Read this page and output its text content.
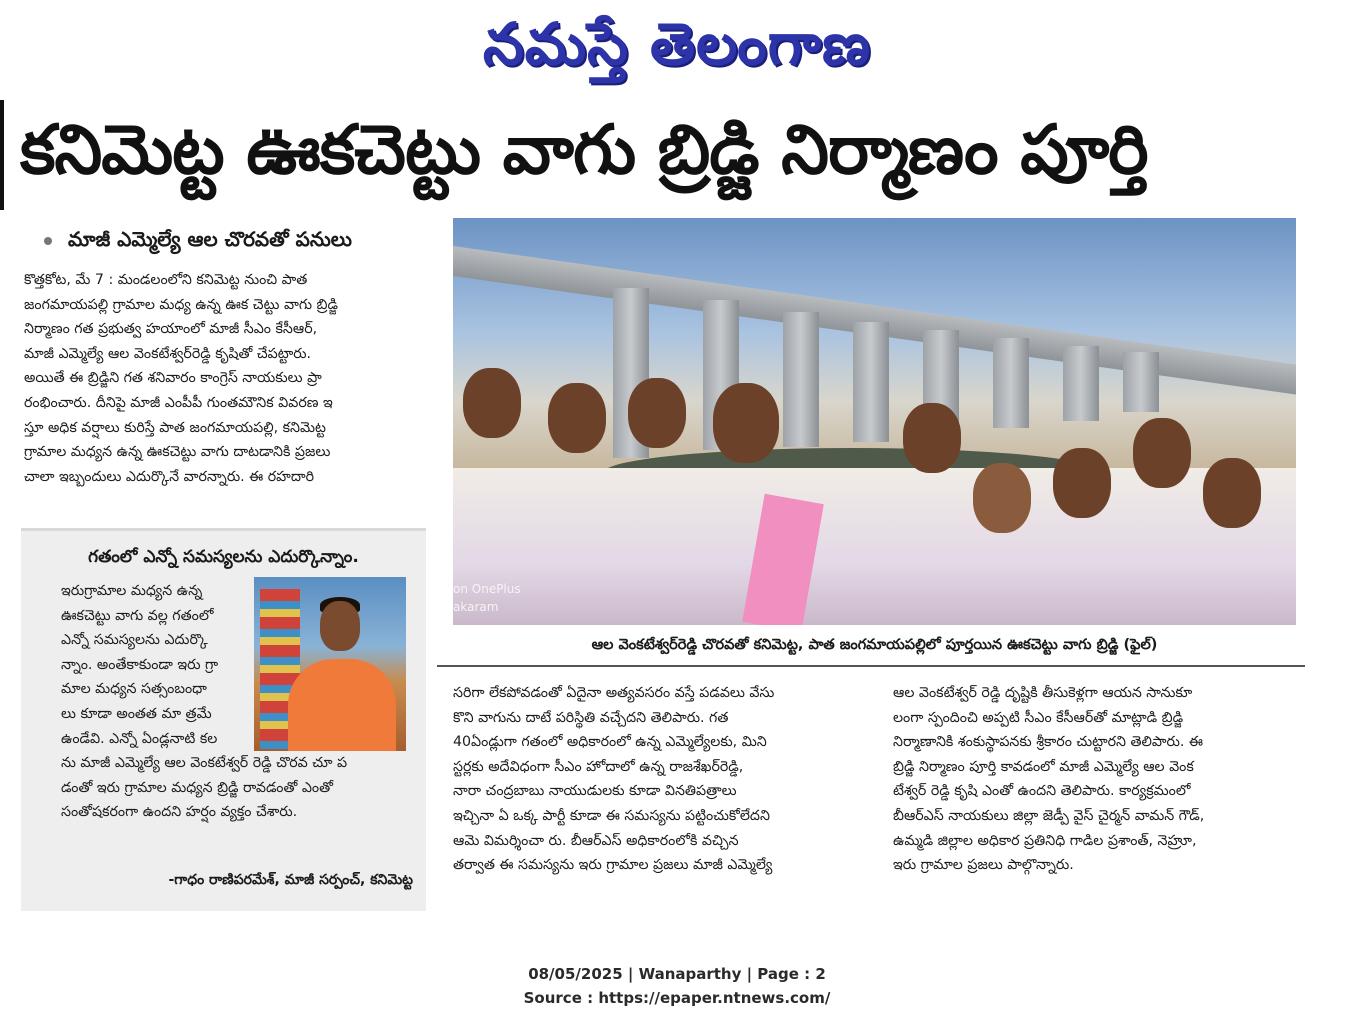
నమస్తే తెలంగాణ
కనిమెట్ట ఊకచెట్టు వాగు బ్రిడ్జి నిర్మాణం పూర్తి
మాజీ ఎమ్మెల్యే ఆల చొరవతో పనులు
కొత్తకోట, మే 7 : మండలంలోని కనిమెట్ట నుంచి పాత
జంగమాయపల్లి గ్రామాల మధ్య ఉన్న ఊక చెట్టు వాగు బ్రిడ్జి
నిర్మాణం గత ప్రభుత్వ హయాంలో మాజీ సీఎం కేసీఆర్,
మాజీ ఎమ్మెల్యే ఆల వెంకటేశ్వర్‌రెడ్డి కృషితో చేపట్టారు.
అయితే ఈ బ్రిడ్జిని గత శనివారం కాంగ్రెస్ నాయకులు ప్రా
రంభించారు. దీనిపై మాజీ ఎంపీపీ గుంతమౌనిక వివరణ ఇ
స్తూ అధిక వర్షాలు కురిస్తే పాత జంగమాయపల్లి, కనిమెట్ట
గ్రామాల మధ్యన ఉన్న ఊకచెట్టు వాగు దాటడానికి ప్రజలు
చాలా ఇబ్బందులు ఎదుర్కొనే వారన్నారు. ఈ రహదారి
గతంలో ఎన్నో సమస్యలను ఎదుర్కొన్నాం.
ఇరుగ్రామాల మధ్యన ఉన్న
ఊకచెట్టు వాగు వల్ల గతంలో
ఎన్నో సమస్యలను ఎదుర్కొ
న్నాం. అంతేకాకుండా ఇరు గ్రా
మాల మధ్యన సత్సంబంధా
లు కూడా అంతత మా త్రమే
ఉండేవి. ఎన్నో ఏండ్లనాటి కల
ను మాజీ ఎమ్మెల్యే ఆల వెంకటేశ్వర్ రెడ్డి చొరవ చూ ప
డంతో ఇరు గ్రామాల మధ్యన బ్రిడ్జి రావడంతో ఎంతో
సంతోషకరంగా ఉందని హర్షం వ్యక్తం చేశారు.
-గాధం రాణిపరమేశ్, మాజీ సర్పంచ్, కనిమెట్ట
on OnePlus
akaram
ఆల వెంకటేశ్వర్‌రెడ్డి చొరవతో కనిమెట్ట, పాత జంగమాయపల్లిలో పూర్తయిన ఊకచెట్టు వాగు బ్రిడ్జి (ఫైల్)
సరిగా లేకపోవడంతో ఏదైనా అత్యవసరం వస్తే పడవలు వేసు
కొని వాగును దాటే పరిస్థితి వచ్చేదని తెలిపారు. గత
40ఏండ్లుగా గతంలో అధికారంలో ఉన్న ఎమ్మెల్యేలకు, మిని
స్టర్లకు అదేవిధంగా సీఎం హోదాలో ఉన్న రాజశేఖర్‌రెడ్డి,
నారా చంద్రబాబు నాయుడులకు కూడా వినతిపత్రాలు
ఇచ్చినా ఏ ఒక్క పార్టీ కూడా ఈ సమస్యను పట్టించుకోలేదని
ఆమె విమర్శించా రు. బీఆర్‌ఎస్ అధికారంలోకి వచ్చిన
తర్వాత ఈ సమస్యను ఇరు గ్రామాల ప్రజలు మాజీ ఎమ్మెల్యే
ఆల వెంకటేశ్వర్ రెడ్డి దృష్టికి తీసుకెళ్లగా ఆయన సానుకూ
లంగా స్పందించి అప్పటి సీఎం కేసీఆర్‌తో మాట్లాడి బ్రిడ్జి
నిర్మాణానికి శంకుస్థాపనకు శ్రీకారం చుట్టారని తెలిపారు. ఈ
బ్రిడ్జి నిర్మాణం పూర్తి కావడంలో మాజీ ఎమ్మెల్యే ఆల వెంక
టేశ్వర్ రెడ్డి కృషి ఎంతో ఉందని తెలిపారు. కార్యక్రమంలో
బీఆర్‌ఎస్ నాయకులు జిల్లా జెడ్పీ వైస్ చైర్మన్ వామన్ గౌడ్,
ఉమ్మడి జిల్లాల అధికార ప్రతినిధి గాడిల ప్రశాంత్, నెహ్రూ,
ఇరు గ్రామాల ప్రజలు పాల్గొన్నారు.
08/05/2025 | Wanaparthy | Page : 2
Source : https://epaper.ntnews.com/
